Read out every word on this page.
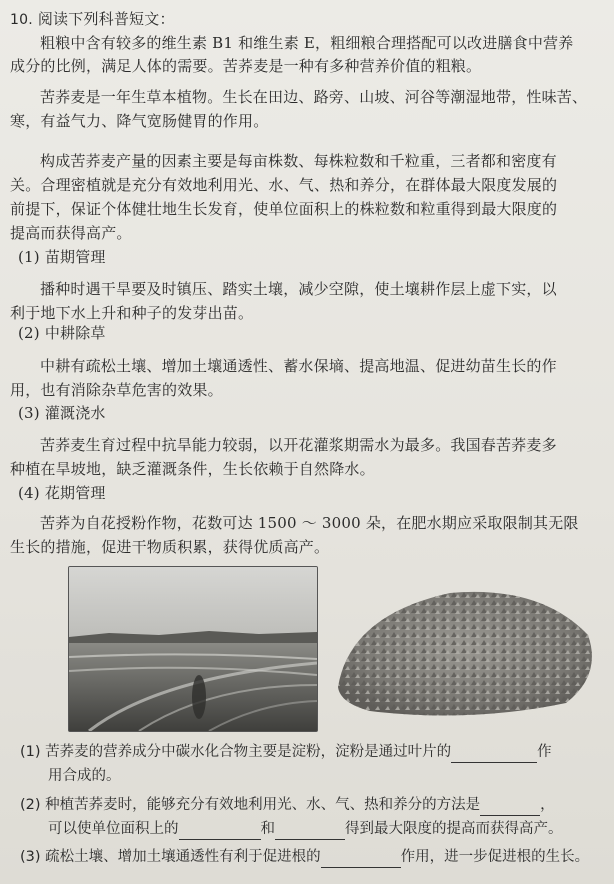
10. 阅读下列科普短文：
粗粮中含有较多的维生素 B1 和维生素 E，粗细粮合理搭配可以改进膳食中营养
成分的比例，满足人体的需要。苦荞麦是一种有多种营养价值的粗粮。
苦荞麦是一年生草本植物。生长在田边、路旁、山坡、河谷等潮湿地带，性味苦、
寒，有益气力、降气宽肠健胃的作用。
构成苦荞麦产量的因素主要是每亩株数、每株粒数和千粒重，三者都和密度有
关。合理密植就是充分有效地利用光、水、气、热和养分，在群体最大限度发展的
前提下，保证个体健壮地生长发育，使单位面积上的株粒数和粒重得到最大限度的
提高而获得高产。
(1) 苗期管理
播种时遇干旱要及时镇压、踏实土壤，减少空隙，使土壤耕作层上虚下实，以
利于地下水上升和种子的发芽出苗。
(2) 中耕除草
中耕有疏松土壤、增加土壤通透性、蓄水保墒、提高地温、促进幼苗生长的作
用，也有消除杂草危害的效果。
(3) 灌溉浇水
苦荞麦生育过程中抗旱能力较弱，以开花灌浆期需水为最多。我国春苦荞麦多
种植在旱坡地，缺乏灌溉条件，生长依赖于自然降水。
(4) 花期管理
苦荞为自花授粉作物，花数可达 1500 ～ 3000 朵，在肥水期应采取限制其无限
生长的措施，促进干物质积累，获得优质高产。
(1) 苦荞麦的营养成分中碳水化合物主要是淀粉，淀粉是通过叶片的	作
用合成的。
(2) 种植苦荞麦时，能够充分有效地利用光、水、气、热和养分的方法是	，
可以使单位面积上的	和	得到最大限度的提高而获得高产。
(3) 疏松土壤、增加土壤通透性有利于促进根的	作用，进一步促进根的生长。
